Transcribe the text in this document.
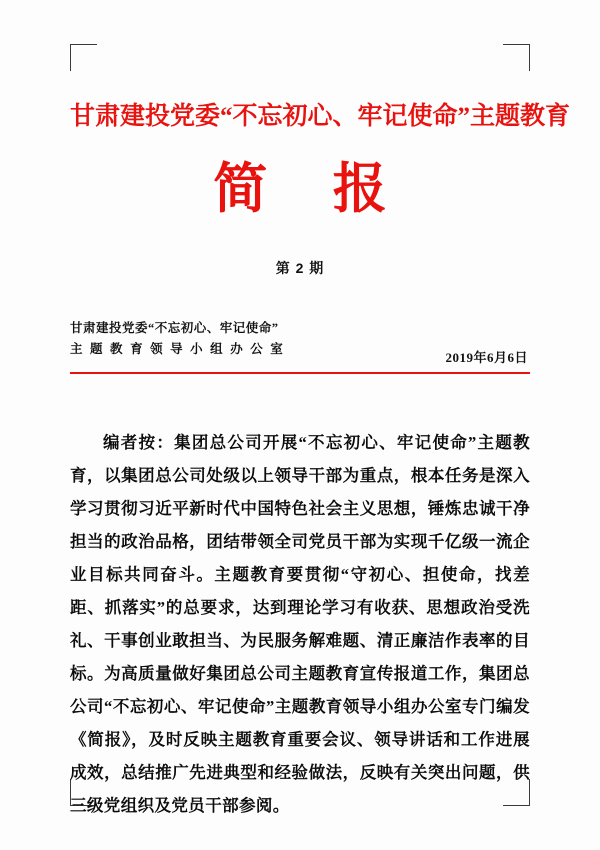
甘肃建投党委“不忘初心、牢记使命”主题教育
简 报
第 2 期
甘肃建投党委“不忘初心、牢记使命”
主 题 教 育 领 导 小 组 办 公 室
2019年6月6日
编者按：集团总公司开展“不忘初心、牢记使命”主题教育，以集团总公司处级以上领导干部为重点，根本任务是深入学习贯彻习近平新时代中国特色社会主义思想，锤炼忠诚干净担当的政治品格，团结带领全司党员干部为实现千亿级一流企业目标共同奋斗。主题教育要贯彻“守初心、担使命，找差距、抓落实”的总要求，达到理论学习有收获、思想政治受洗礼、干事创业敢担当、为民服务解难题、清正廉洁作表率的目标。为高质量做好集团总公司主题教育宣传报道工作，集团总公司“不忘初心、牢记使命”主题教育领导小组办公室专门编发《简报》，及时反映主题教育重要会议、领导讲话和工作进展成效，总结推广先进典型和经验做法，反映有关突出问题，供三级党组织及党员干部参阅。
